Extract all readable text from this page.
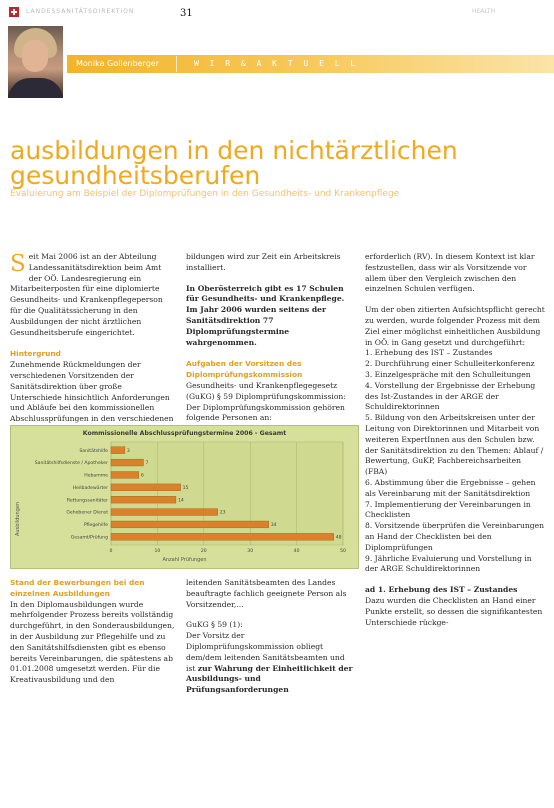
LANDESSANITÄTSDIREKTION	31	HEALTH
Monika Gollenberger	W I R & A K T U E L L
ausbildungen in den nichtärztlichen gesundheitsberufen
Evaluierung am Beispiel der Diplomprüfungen in den Gesundheits- und Krankenpflege

Seit Mai 2006 ist an der Abteilung Landessanitätsdirektion beim Amt der OÖ. Landesregierung ein Mitarbeiterposten für eine diplomierte Gesundheits- und Krankenpflegeperson für die Qualitätssicherung in den Ausbildungen der nicht ärztlichen Gesundheitsberufe eingerichtet.

Hintergrund

Zunehmende Rückmeldungen der verschiedenen Vorsitzenden der Sanitätsdirektion über große Unterschiede hinsichtlich Anforderungen und Abläufe bei den kommissionellen Abschlussprüfungen in den verschiedenen

Stand der Bewerbungen bei den einzelnen Ausbildungen

In den Diplomausbildungen wurde mehrfolgender Prozess bereits vollständig durchgeführt, in den Sonderausbildungen, in der Ausbildung zur Pflegehilfe und zu den Sanitätshilfsdiensten gibt es ebenso bereits Vereinbarungen, die spätestens ab 01.01.2008 umgesetzt werden. Für die Kreativausbildung und den

bildungen wird zur Zeit ein Arbeitskreis installiert.

In Oberösterreich gibt es 17 Schulen für Gesundheits- und Krankenpflege. Im Jahr 2006 wurden seitens der Sanitätsdirektion 77 Diplomprüfungstermine wahrgenommen.

Aufgaben der Vorsitzen des Diplomprüfungskommission

Gesundheits- und Krankenpflegegesetz (GuKG) § 59 Diplomprüfungskommission:

Der Diplomprüfungskommission gehören folgende Personen an:

leitenden Sanitätsbeamten des Landes beauftragte fachlich geeignete Person als Vorsitzender,...

GuKG § 59 (1):

Der Vorsitz der Diplomprüfungskommission obliegt dem/dem leitenden Sanitätsbeamten und ist zur Wahrung der Einheitlichkeit der Ausbildungs- und Prüfungsanforderungen

erforderlich (RV). In diesem Kontext ist klar festzustellen, dass wir als Vorsitzende vor allem über den Vergleich zwischen den einzelnen Schulen verfügen.

Um der oben zitierten Aufsichtspflicht gerecht zu werden, wurde folgender Prozess mit dem Ziel einer möglichst einheitlichen Ausbildung in OÖ. in Gang gesetzt und durchgeführt:

1. Erhebung des IST – Zustandes
2. Durchführung einer Schulleiterkonferenz
3. Einzelgespräche mit den Schulleitungen
4. Vorstellung der Ergebnisse der Erhebung des Ist-Zustandes in der ARGE der Schuldirektorinnen
5. Bildung von den Arbeitskreisen unter der Leitung von Direktorinnen und Mitarbeit von weiteren ExpertInnen aus den Schulen bzw. der Sanitätsdirektion zu den Themen: Ablauf / Bewertung, GuKP, Fachbereichsarbeiten (FBA)
6. Abstimmung über die Ergebnisse – gehen als Vereinbarung mit der Sanitätsdirektion
7. Implementierung der Vereinbarungen in Checklisten
8. Vorsitzende überprüfen die Vereinbarungen an Hand der Checklisten bei den Diplomprüfungen
9. Jährliche Evaluierung und Vorstellung in der ARGE Schuldirektorinnen

ad 1. Erhebung des IST – Zustandes

Dazu wurden die Checklisten an Hand einer Punkte erstellt, so dessen die signifikantesten Unterschiede rückge-

Kommissionelle Abschlussprüfungstermine 2006 - Gesamt
Ausbildungen
Anzahl Prüfungen
3
7
6
15
14
23
34
48
Sanitätshilfe
Sanitätshilfsdienste / Apotheker
Hebamme
Heilbadewärter
Rettungssanitäter
Gehobener Dienst
Pflegehilfe
Gesamt/Prüfung
0	10	20	30	40	50
